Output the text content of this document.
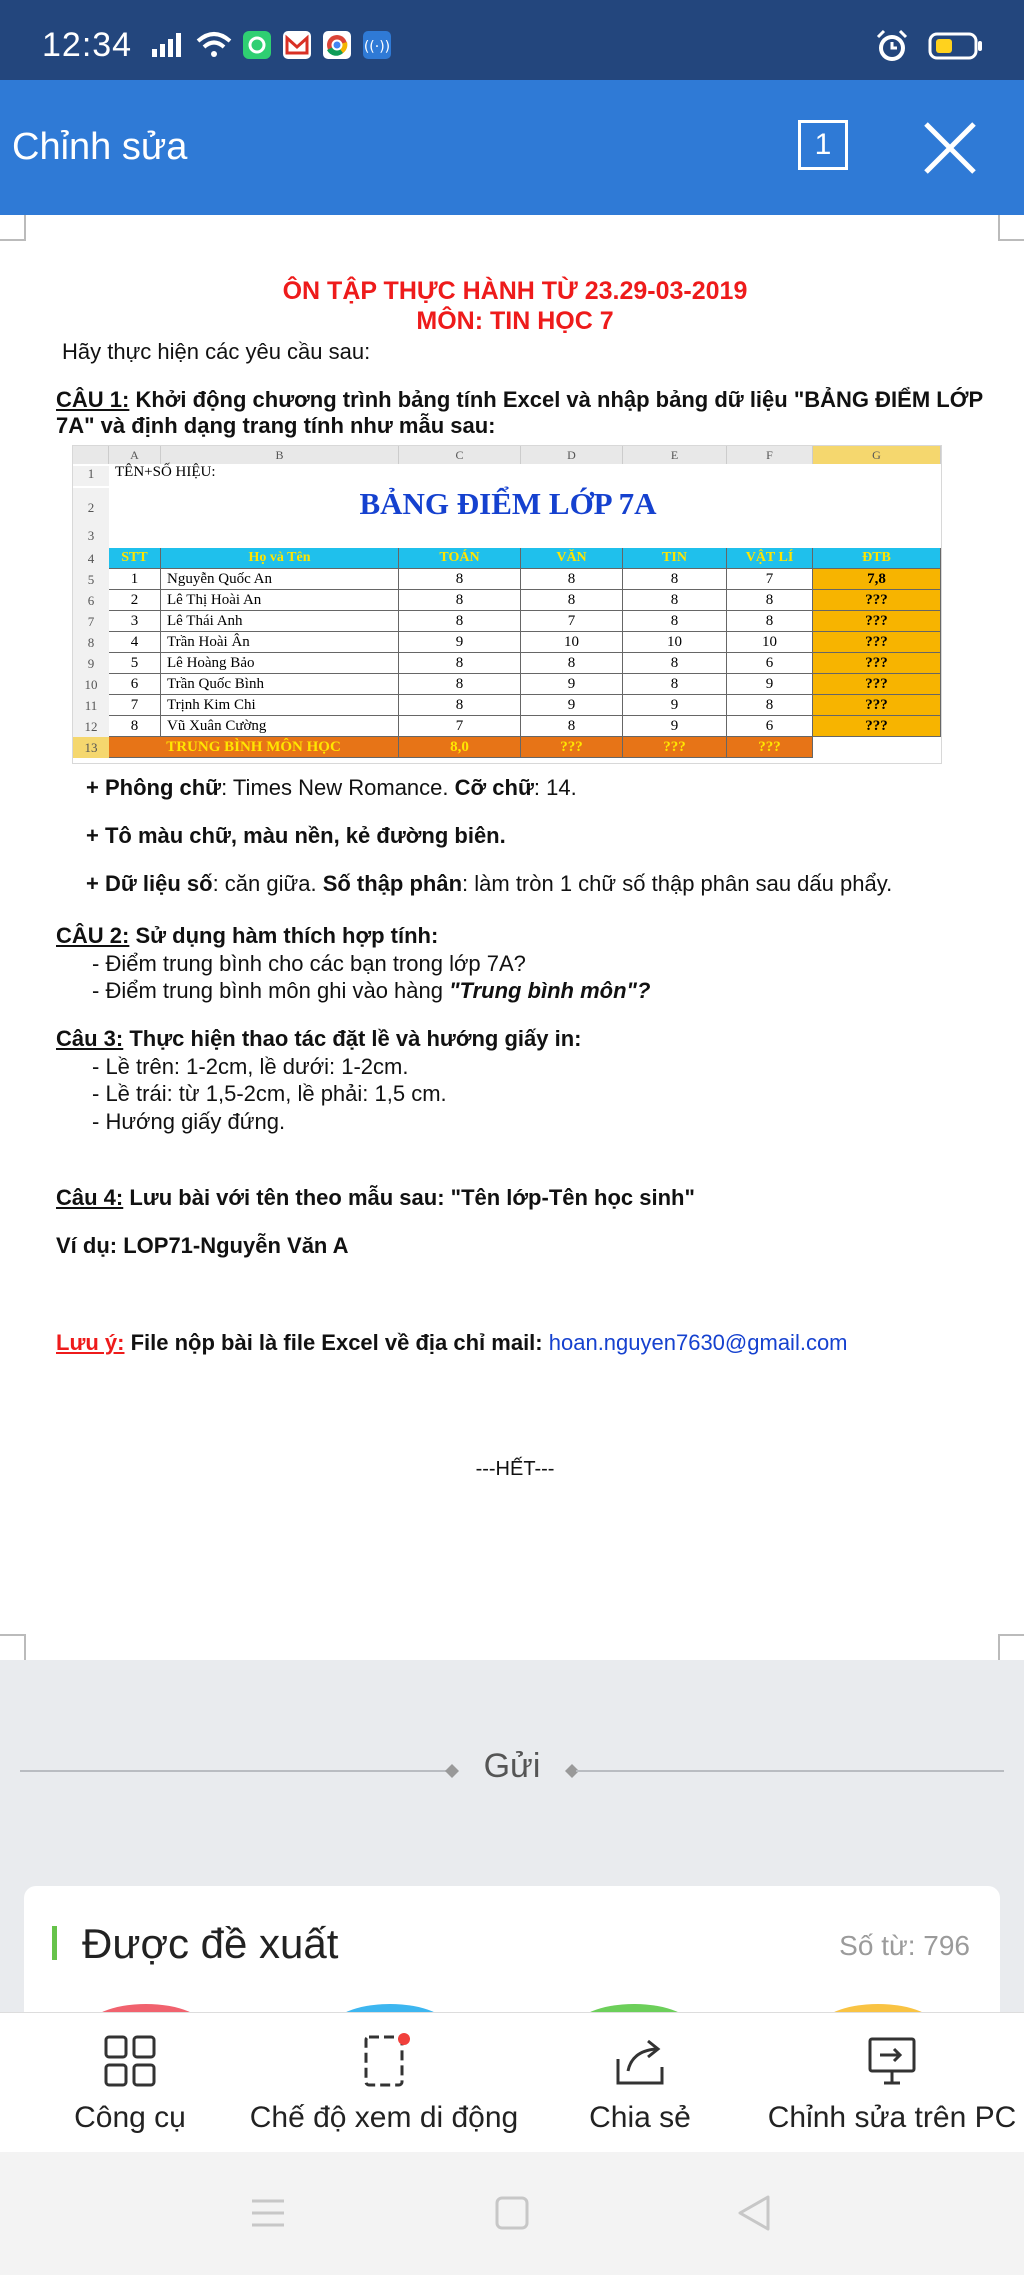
12:34	((·))
Chỉnh sửa	1
ÔN TẬP THỰC HÀNH TỪ 23.29-03-2019
MÔN: TIN HỌC 7
Hãy thực hiện các yêu cầu sau:
CÂU 1: Khởi động chương trình bảng tính Excel và nhập bảng dữ liệu "BẢNG ĐIỂM LỚP
7A" và định dạng trang tính như mẫu sau:
A	B	C	D	E	F	G
1
2
3
TÊN+SỐ HIỆU:
BẢNG ĐIỂM LỚP 7A
4	STT	Họ và Tên	TOÁN	VĂN	TIN	VẬT LÍ	ĐTB
5	1	Nguyễn Quốc An	8	8	8	7	7,8
6	2	Lê Thị Hoài An	8	8	8	8	???
7	3	Lê Thái Anh	8	7	8	8	???
8	4	Trần Hoài Ân	9	10	10	10	???
9	5	Lê Hoàng Bảo	8	8	8	6	???
10	6	Trần Quốc Bình	8	9	8	9	???
11	7	Trịnh Kim Chi	8	9	9	8	???
12	8	Vũ Xuân Cường	7	8	9	6	???
13	TRUNG BÌNH MÔN HỌC	8,0	???	???	???
+ Phông chữ: Times New Romance. Cỡ chữ: 14.
+ Tô màu chữ, màu nền, kẻ đường biên.
+ Dữ liệu số: căn giữa. Số thập phân: làm tròn 1 chữ số thập phân sau dấu phẩy.
CÂU 2: Sử dụng hàm thích hợp tính:
- Điểm trung bình cho các bạn trong lớp 7A?
- Điểm trung bình môn ghi vào hàng "Trung bình môn"?
Câu 3: Thực hiện thao tác đặt lề và hướng giấy in:
- Lề trên: 1-2cm, lề dưới: 1-2cm.
- Lề trái: từ 1,5-2cm, lề phải: 1,5 cm.
- Hướng giấy đứng.
Câu 4: Lưu bài với tên theo mẫu sau: "Tên lớp-Tên học sinh"
Ví dụ: LOP71-Nguyễn Văn A
Lưu ý: File nộp bài là file Excel về địa chỉ mail: hoan.nguyen7630@gmail.com
---HẾT---
Gửi
Được đề xuất	Số từ: 796
Công cụ	Chế độ xem di động	Chia sẻ	Chỉnh sửa trên PC
